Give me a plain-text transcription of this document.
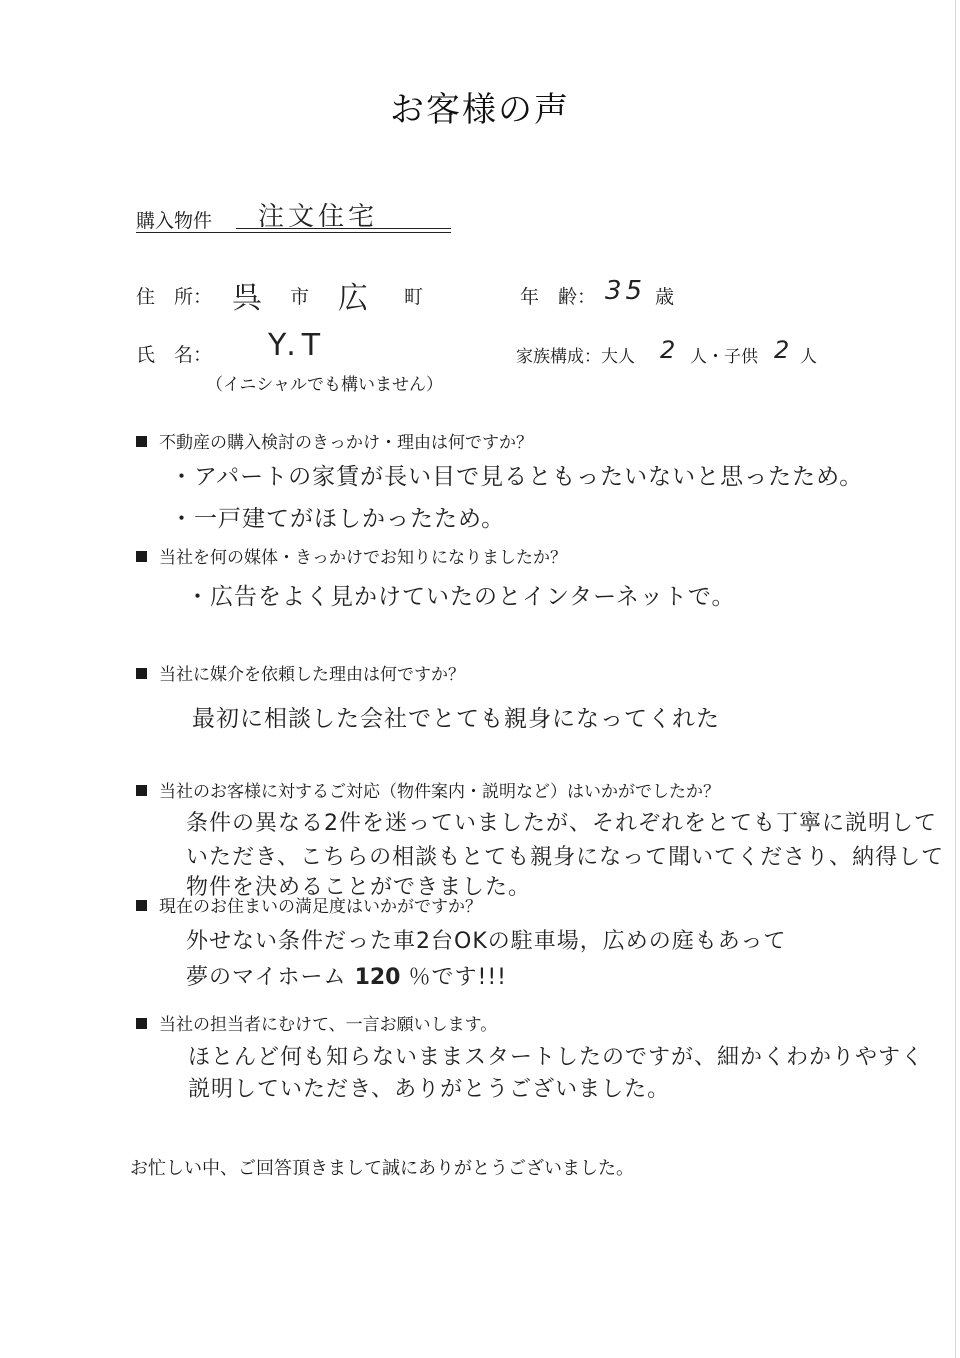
お客様の声
購入物件 注文住宅
住　所： 呉 市 広 町	年　齢： 35 歳
氏　名： Y.T
（イニシャルでも構いません）
家族構成：大人 2 人・子供 2 人
不動産の購入検討のきっかけ・理由は何ですか？
・アパートの家賃が長い目で見るともったいないと思ったため。
・一戸建てがほしかったため。
当社を何の媒体・きっかけでお知りになりましたか？
・広告をよく見かけていたのとインターネットで。
当社に媒介を依頼した理由は何ですか？
最初に相談した会社でとても親身になってくれた
当社のお客様に対するご対応（物件案内・説明など）はいかがでしたか？
条件の異なる2件を迷っていましたが、それぞれをとても丁寧に説明して
いただき、こちらの相談もとても親身になって聞いてくださり、納得して
物件を決めることができました。
現在のお住まいの満足度はいかがですか？
外せない条件だった車2台OKの駐車場，広めの庭もあって
夢のマイホーム 120 ％です!!!
当社の担当者にむけて、一言お願いします。
ほとんど何も知らないままスタートしたのですが、細かくわかりやすく
説明していただき、ありがとうございました。
お忙しい中、ご回答頂きまして誠にありがとうございました。
